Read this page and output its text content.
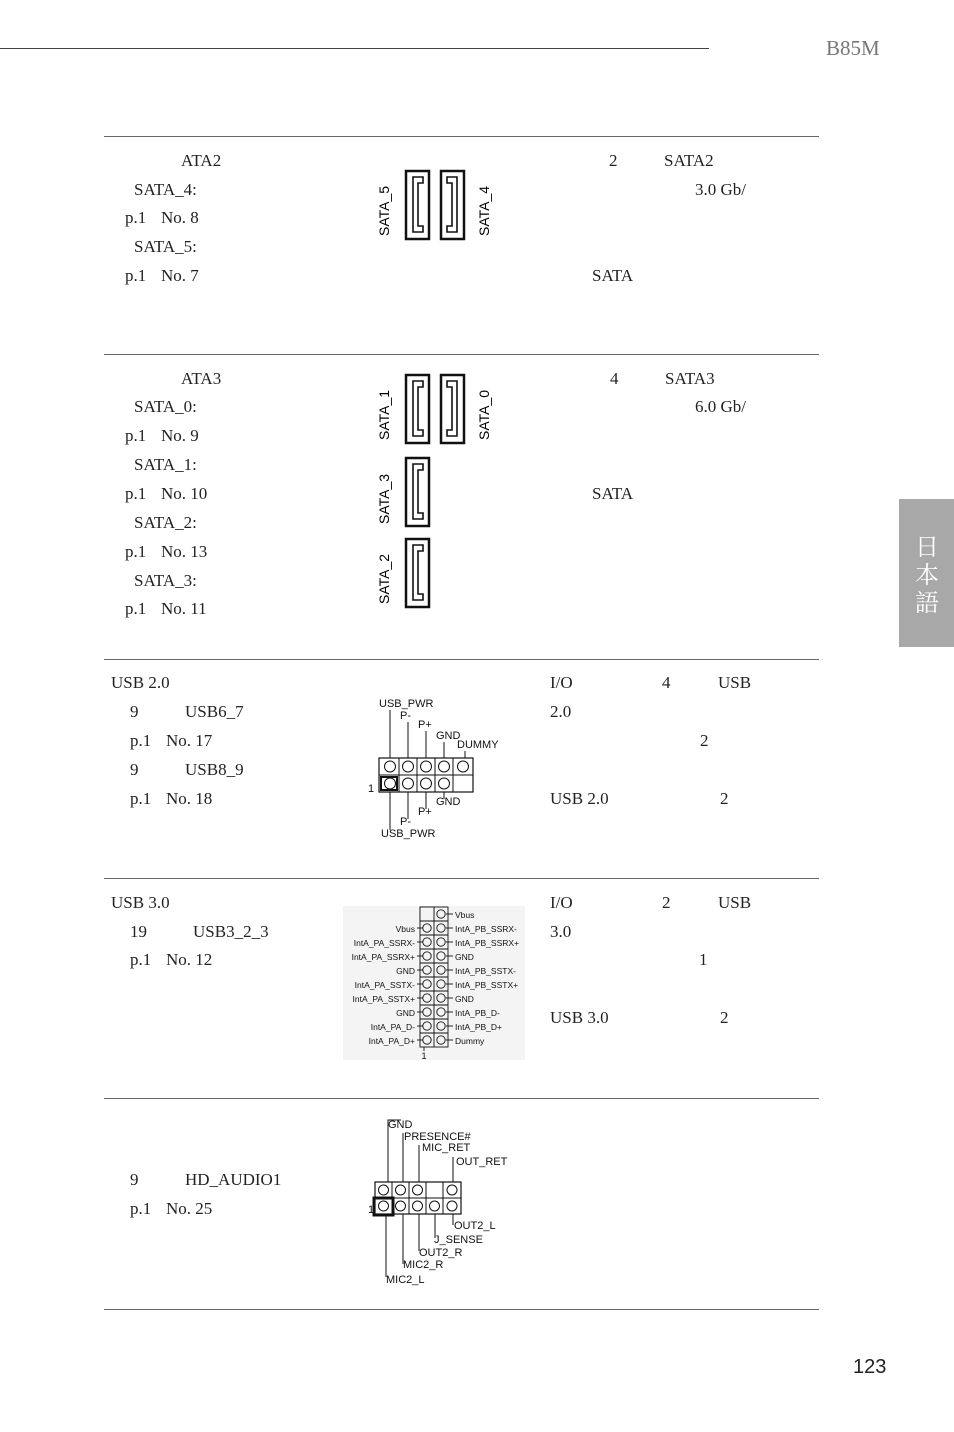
B85M
日本語
123
ATA2
SATA_4:
p.1 No. 8
SATA_5:
p.1 No. 7
SATA_5	SATA_4
2	SATA2
3.0 Gb/
SATA
ATA3
SATA_0:
p.1 No. 9
SATA_1:
p.1 No. 10
SATA_2:
p.1 No. 13
SATA_3:
p.1 No. 11
SATA_1	SATA_0
SATA_3
SATA_2
4	SATA3
6.0 Gb/
SATA
USB 2.0
9	USB6_7
p.1 No. 17
9	USB8_9
p.1 No. 18
USB_PWR
P-
P+
GND
DUMMY
1
GND
P+
P-
USB_PWR
I/O	4	USB
2.0
2
USB 2.0	2
USB 3.0
19	USB3_2_3
p.1 No. 12
Vbus
IntA_PA_SSRX-
IntA_PA_SSRX+
GND
IntA_PA_SSTX-
IntA_PA_SSTX+
GND
IntA_PA_D-
IntA_PA_D+
Vbus
IntA_PB_SSRX-
IntA_PB_SSRX+
GND
IntA_PB_SSTX-
IntA_PB_SSTX+
GND
IntA_PB_D-
IntA_PB_D+
Dummy
1
I/O	2	USB
3.0
1
USB 3.0	2
9	HD_AUDIO1
p.1 No. 25
GND
PRESENCE#
MIC_RET
OUT_RET
1
OUT2_L
J_SENSE
OUT2_R
MIC2_R
MIC2_L
